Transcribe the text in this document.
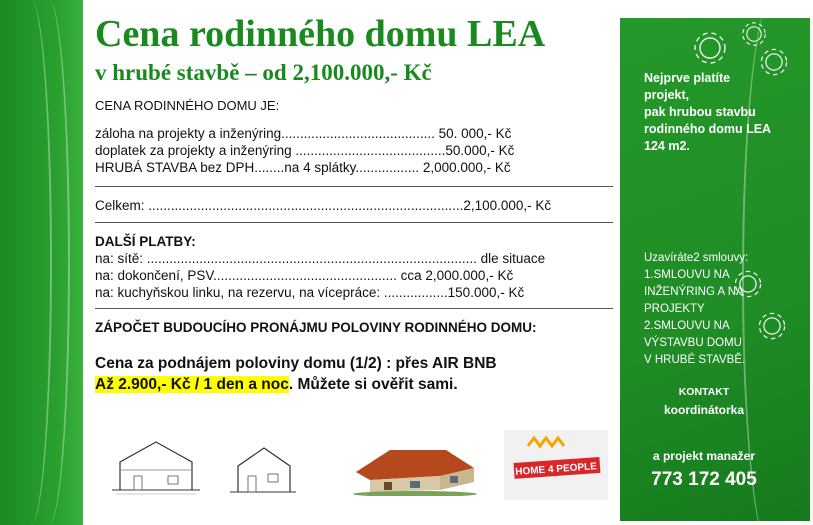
Cena rodinného domu LEA
v hrubé stavbě – od 2,100.000,- Kč
CENA RODINNÉHO DOMU JE:
záloha na projekty a inženýring......................................... 50. 000,- Kč
doplatek za projekty a inženýring ........................................50.000,- Kč
HRUBÁ STAVBA bez DPH........na 4 splátky................. 2,000.000,- Kč
Celkem: ....................................................................................2,100.000,- Kč
DALŠÍ PLATBY:
na: sítě: ........................................................................................ dle situace
na: dokončení, PSV................................................. cca 2,000.000,- Kč
na: kuchyňskou linku, na rezervu, na vícepráce: .................150.000,- Kč
ZÁPOČET BUDOUCÍHO PRONÁJMU POLOVINY RODINNÉHO DOMU:
Cena za podnájem poloviny domu (1/2) : přes AIR BNB
Až 2.900,- Kč / 1 den a noc. Můžete si ověřit sami.
HOME 4 PEOPLE
Nejprve platíte
projekt,
pak hrubou stavbu
rodinného domu LEA
124 m2.
Uzavíráte2 smlouvy:
1.SMLOUVU NA
INŽENÝRING A NA
PROJEKTY
2.SMLOUVU NA
VÝSTAVBU DOMU
V HRUBÉ STAVBĚ.
KONTAKT
koordinátorka
a projekt manažer
773 172 405
